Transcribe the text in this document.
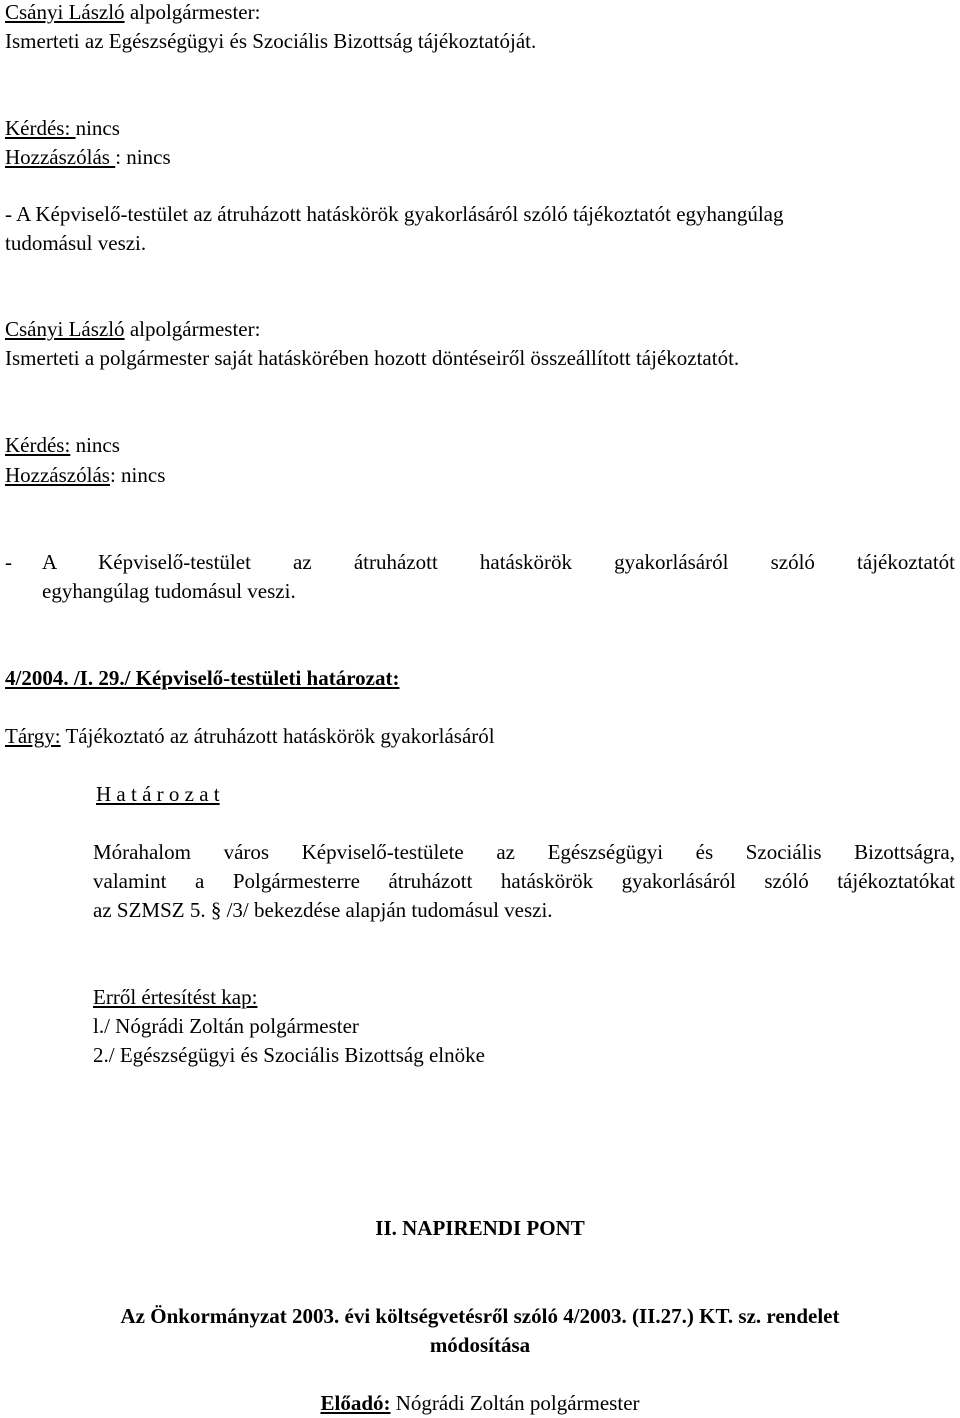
Csányi László alpolgármester:
Ismerteti az Egészségügyi és Szociális Bizottság tájékoztatóját.
Kérdés: nincs
Hozzászólás : nincs
- A Képviselő-testület az átruházott hatáskörök gyakorlásáról szóló tájékoztatót egyhangúlag
tudomásul veszi.
Csányi László alpolgármester:
Ismerteti a polgármester saját hatáskörében hozott döntéseiről összeállított tájékoztatót.
Kérdés: nincs
Hozzászólás: nincs
- A Képviselő-testület az átruházott hatáskörök gyakorlásáról szóló tájékoztatót
egyhangúlag tudomásul veszi.
4/2004. /I. 29./ Képviselő-testületi határozat:
Tárgy: Tájékoztató az átruházott hatáskörök gyakorlásáról
H a t á r o z a t
Mórahalom város Képviselő-testülete az Egészségügyi és Szociális Bizottságra,
valamint a Polgármesterre átruházott hatáskörök gyakorlásáról szóló tájékoztatókat
az SZMSZ 5. § /3/ bekezdése alapján tudomásul veszi.
Erről értesítést kap:
l./ Nógrádi Zoltán polgármester
2./ Egészségügyi és Szociális Bizottság elnöke
II. NAPIRENDI PONT
Az Önkormányzat 2003. évi költségvetésről szóló 4/2003. (II.27.) KT. sz. rendelet
módosítása
Előadó: Nógrádi Zoltán polgármester
